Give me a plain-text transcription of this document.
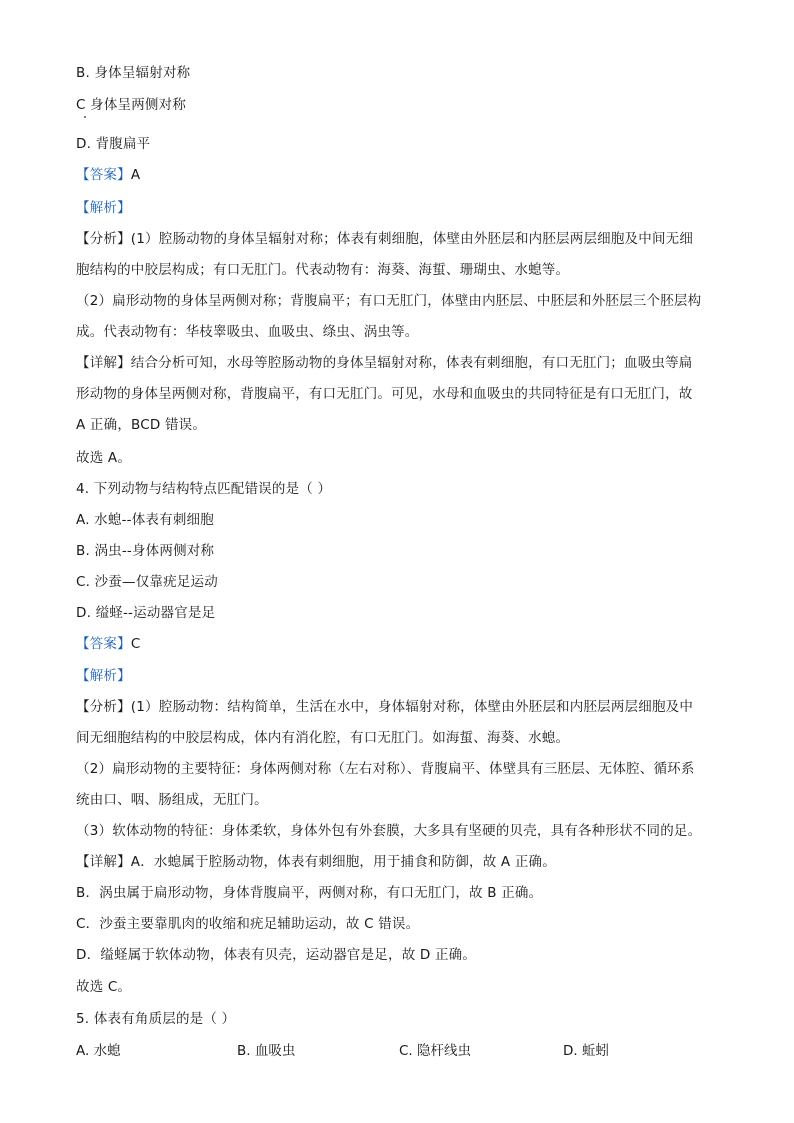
B. 身体呈辐射对称
C 身体呈两侧对称
D. 背腹扁平
【答案】A
【解析】
【分析】(1）腔肠动物的身体呈辐射对称；体表有刺细胞，体壁由外胚层和内胚层两层细胞及中间无细
胞结构的中胶层构成；有口无肛门。代表动物有：海葵、海蜇、珊瑚虫、水螅等。
（2）扁形动物的身体呈两侧对称；背腹扁平；有口无肛门，体壁由内胚层、中胚层和外胚层三个胚层构
成。代表动物有：华枝睾吸虫、血吸虫、绦虫、涡虫等。
【详解】结合分析可知，水母等腔肠动物的身体呈辐射对称，体表有刺细胞，有口无肛门；血吸虫等扁
形动物的身体呈两侧对称，背腹扁平，有口无肛门。可见，水母和血吸虫的共同特征是有口无肛门，故
A 正确，BCD 错误。
故选 A。
4. 下列动物与结构特点匹配错误的是（ ）
A. 水螅--体表有刺细胞
B. 涡虫--身体两侧对称
C. 沙蚕—仅靠疣足运动
D. 缢蛏--运动器官是足
【答案】C
【解析】
【分析】(1）腔肠动物：结构简单，生活在水中，身体辐射对称，体壁由外胚层和内胚层两层细胞及中
间无细胞结构的中胶层构成，体内有消化腔，有口无肛门。如海蜇、海葵、水螅。
（2）扁形动物的主要特征：身体两侧对称（左右对称）、背腹扁平、体壁具有三胚层、无体腔、循环系
统由口、咽、肠组成，无肛门。
（3）软体动物的特征：身体柔软，身体外包有外套膜，大多具有坚硬的贝壳，具有各种形状不同的足。
【详解】A．水螅属于腔肠动物，体表有刺细胞，用于捕食和防御，故 A 正确。
B．涡虫属于扁形动物，身体背腹扁平，两侧对称，有口无肛门，故 B 正确。
C．沙蚕主要靠肌肉的收缩和疣足辅助运动，故 C 错误。
D．缢蛏属于软体动物，体表有贝壳，运动器官是足，故 D 正确。
故选 C。
5. 体表有角质层的是（ ）
A. 水螅	B. 血吸虫	C. 隐杆线虫	D. 蚯蚓
